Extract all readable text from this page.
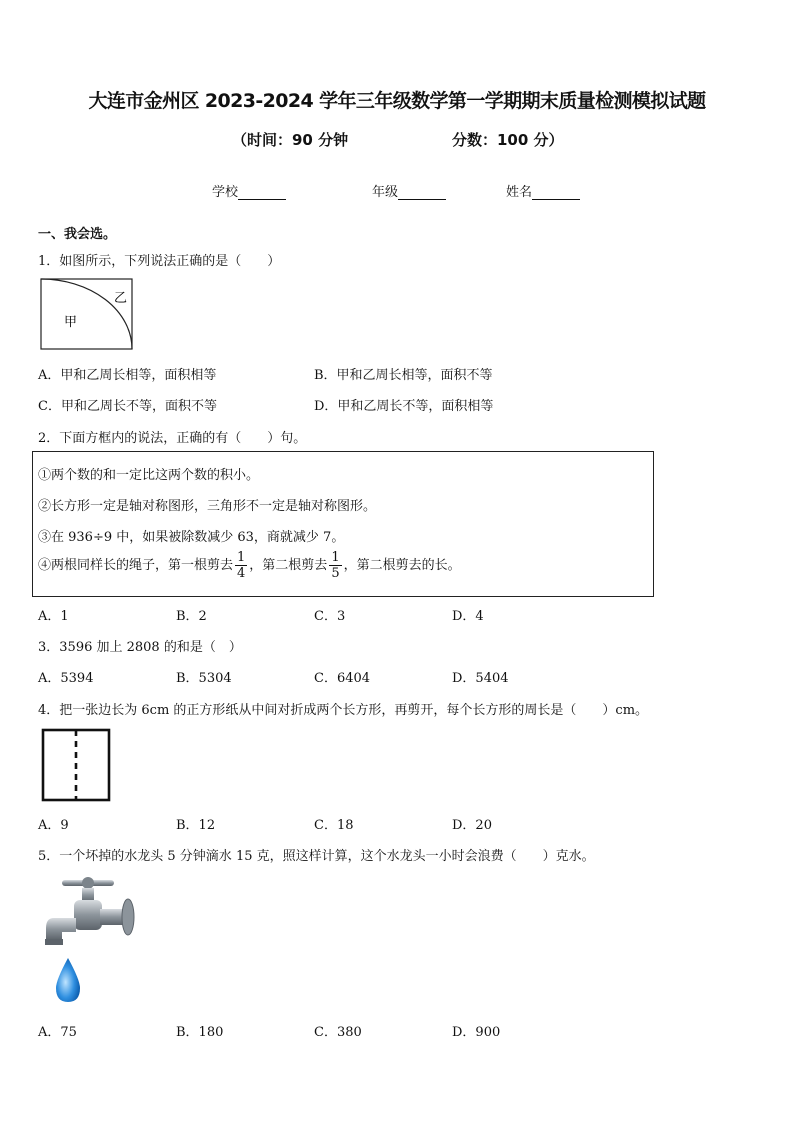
大连市金州区 2023-2024 学年三年级数学第一学期期末质量检测模拟试题
（时间：90 分钟	分数：100 分）
学校	年级	姓名
一、我会选。
1．如图所示，下列说法正确的是（　　）
甲
乙
A．甲和乙周长相等，面积相等	B．甲和乙周长相等，面积不等
C．甲和乙周长不等，面积不等	D．甲和乙周长不等，面积相等
2．下面方框内的说法，正确的有（　　）句。
①两个数的和一定比这两个数的积小。
②长方形一定是轴对称图形，三角形不一定是轴对称图形。
③在 936÷9 中，如果被除数减少 63，商就减少 7。
④两根同样长的绳子，第一根剪去 $\frac{1}{4}$ ，第二根剪去 $\frac{1}{5}$ ，第二根剪去的长。
A．1	B．2	C．3	D．4
3．3596 加上 2808 的和是（　）
A．5394	B．5304	C．6404	D．5404
4．把一张边长为 6cm 的正方形纸从中间对折成两个长方形，再剪开，每个长方形的周长是（　　）cm。
A．9	B．12	C．18	D．20
5．一个坏掉的水龙头 5 分钟滴水 15 克，照这样计算，这个水龙头一小时会浪费（　　）克水。
A．75	B．180	C．380	D．900
